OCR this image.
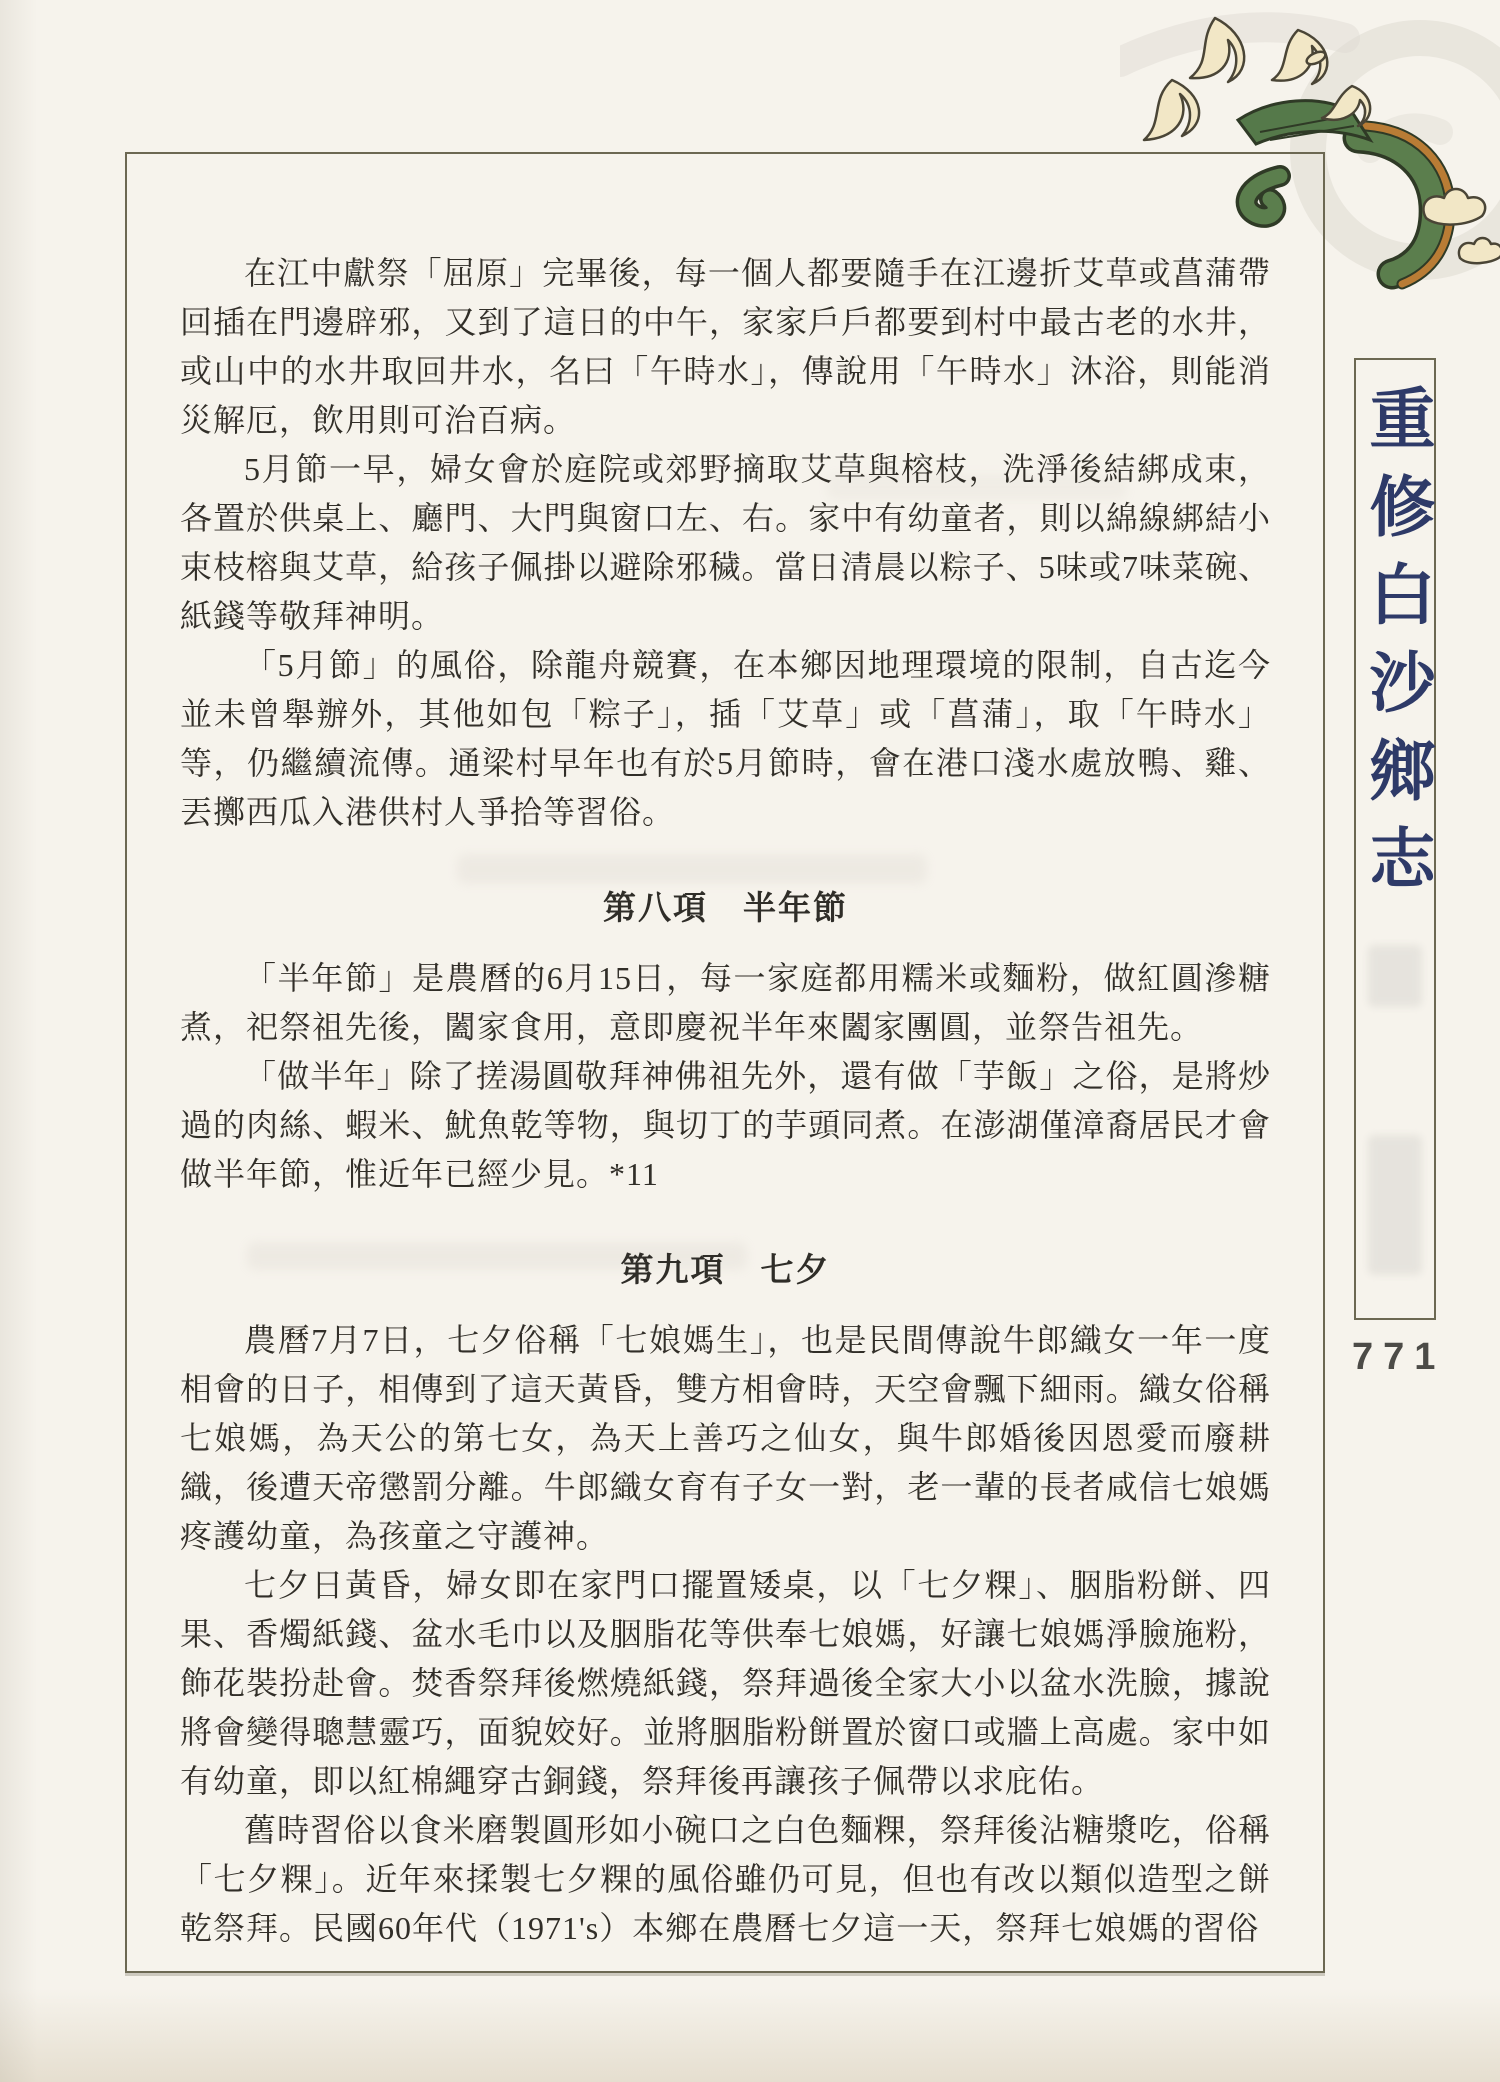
在江中獻祭「屈原」完畢後，每一個人都要隨手在江邊折艾草或菖蒲帶回插在門邊辟邪，又到了這日的中午，家家戶戶都要到村中最古老的水井，或山中的水井取回井水，名曰「午時水」，傳說用「午時水」沐浴，則能消災解厄，飲用則可治百病。

5月節一早，婦女會於庭院或郊野摘取艾草與榕枝，洗淨後結綁成束，各置於供桌上、廳門、大門與窗口左、右。家中有幼童者，則以綿線綁結小束枝榕與艾草，給孩子佩掛以避除邪穢。當日清晨以粽子、5味或7味菜碗、紙錢等敬拜神明。

「5月節」的風俗，除龍舟競賽，在本鄉因地理環境的限制，自古迄今並未曾舉辦外，其他如包「粽子」，插「艾草」或「菖蒲」，取「午時水」等，仍繼續流傳。通梁村早年也有於5月節時，會在港口淺水處放鴨、雞、丟擲西瓜入港供村人爭拾等習俗。

第八項　半年節

「半年節」是農曆的6月15日，每一家庭都用糯米或麵粉，做紅圓滲糖煮，祀祭祖先後，闔家食用，意即慶祝半年來闔家團圓，並祭告祖先。

「做半年」除了搓湯圓敬拜神佛祖先外，還有做「芋飯」之俗，是將炒過的肉絲、蝦米、魷魚乾等物，與切丁的芋頭同煮。在澎湖僅漳裔居民才會做半年節，惟近年已經少見。*11

第九項　七夕

農曆7月7日，七夕俗稱「七娘媽生」，也是民間傳說牛郎織女一年一度相會的日子，相傳到了這天黃昏，雙方相會時，天空會飄下細雨。織女俗稱七娘媽，為天公的第七女，為天上善巧之仙女，與牛郎婚後因恩愛而廢耕織，後遭天帝懲罰分離。牛郎織女育有子女一對，老一輩的長者咸信七娘媽疼護幼童，為孩童之守護神。

七夕日黃昏，婦女即在家門口擺置矮桌，以「七夕粿」、胭脂粉餅、四果、香燭紙錢、盆水毛巾以及胭脂花等供奉七娘媽，好讓七娘媽淨臉施粉，飾花裝扮赴會。焚香祭拜後燃燒紙錢，祭拜過後全家大小以盆水洗臉，據說將會變得聰慧靈巧，面貌姣好。並將胭脂粉餅置於窗口或牆上高處。家中如有幼童，即以紅棉繩穿古銅錢，祭拜後再讓孩子佩帶以求庇佑。

舊時習俗以食米磨製圓形如小碗口之白色麵粿，祭拜後沾糖漿吃，俗稱「七夕粿」。近年來揉製七夕粿的風俗雖仍可見，但也有改以類似造型之餅乾祭拜。民國60年代（1971's）本鄉在農曆七夕這一天，祭拜七娘媽的習俗

重修白沙鄉志
771
